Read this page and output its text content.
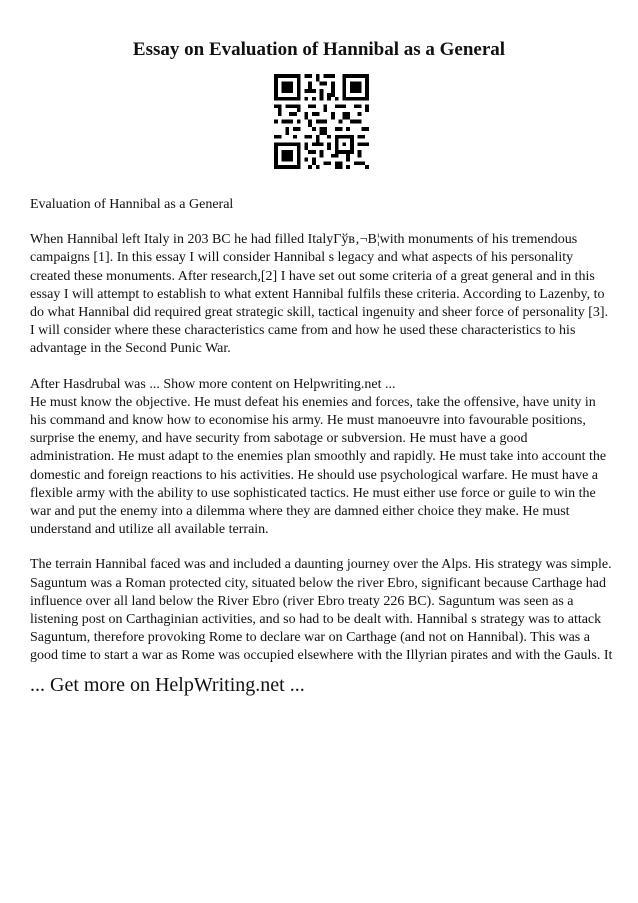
Essay on Evaluation of Hannibal as a General

Evaluation of Hannibal as a General

When Hannibal left Italy in 203 BC he had filled ItalyГўв‚¬В¦with monuments of his tremendous campaigns [1]. In this essay I will consider Hannibal s legacy and what aspects of his personality created these monuments. After research,[2] I have set out some criteria of a great general and in this essay I will attempt to establish to what extent Hannibal fulfils these criteria. According to Lazenby, to do what Hannibal did required great strategic skill, tactical ingenuity and sheer force of personality [3]. I will consider where these characteristics came from and how he used these characteristics to his advantage in the Second Punic War.

After Hasdrubal was ... Show more content on Helpwriting.net ...

He must know the objective. He must defeat his enemies and forces, take the offensive, have unity in his command and know how to economise his army. He must manoeuvre into favourable positions, surprise the enemy, and have security from sabotage or subversion. He must have a good administration. He must adapt to the enemies plan smoothly and rapidly. He must take into account the domestic and foreign reactions to his activities. He should use psychological warfare. He must have a flexible army with the ability to use sophisticated tactics. He must either use force or guile to win the war and put the enemy into a dilemma where they are damned either choice they make. He must understand and utilize all available terrain.

The terrain Hannibal faced was and included a daunting journey over the Alps. His strategy was simple. Saguntum was a Roman protected city, situated below the river Ebro, significant because Carthage had influence over all land below the River Ebro (river Ebro treaty 226 BC). Saguntum was seen as a listening post on Carthaginian activities, and so had to be dealt with. Hannibal s strategy was to attack Saguntum, therefore provoking Rome to declare war on Carthage (and not on Hannibal). This was a good time to start a war as Rome was occupied elsewhere with the Illyrian pirates and with the Gauls. It

... Get more on HelpWriting.net ...
